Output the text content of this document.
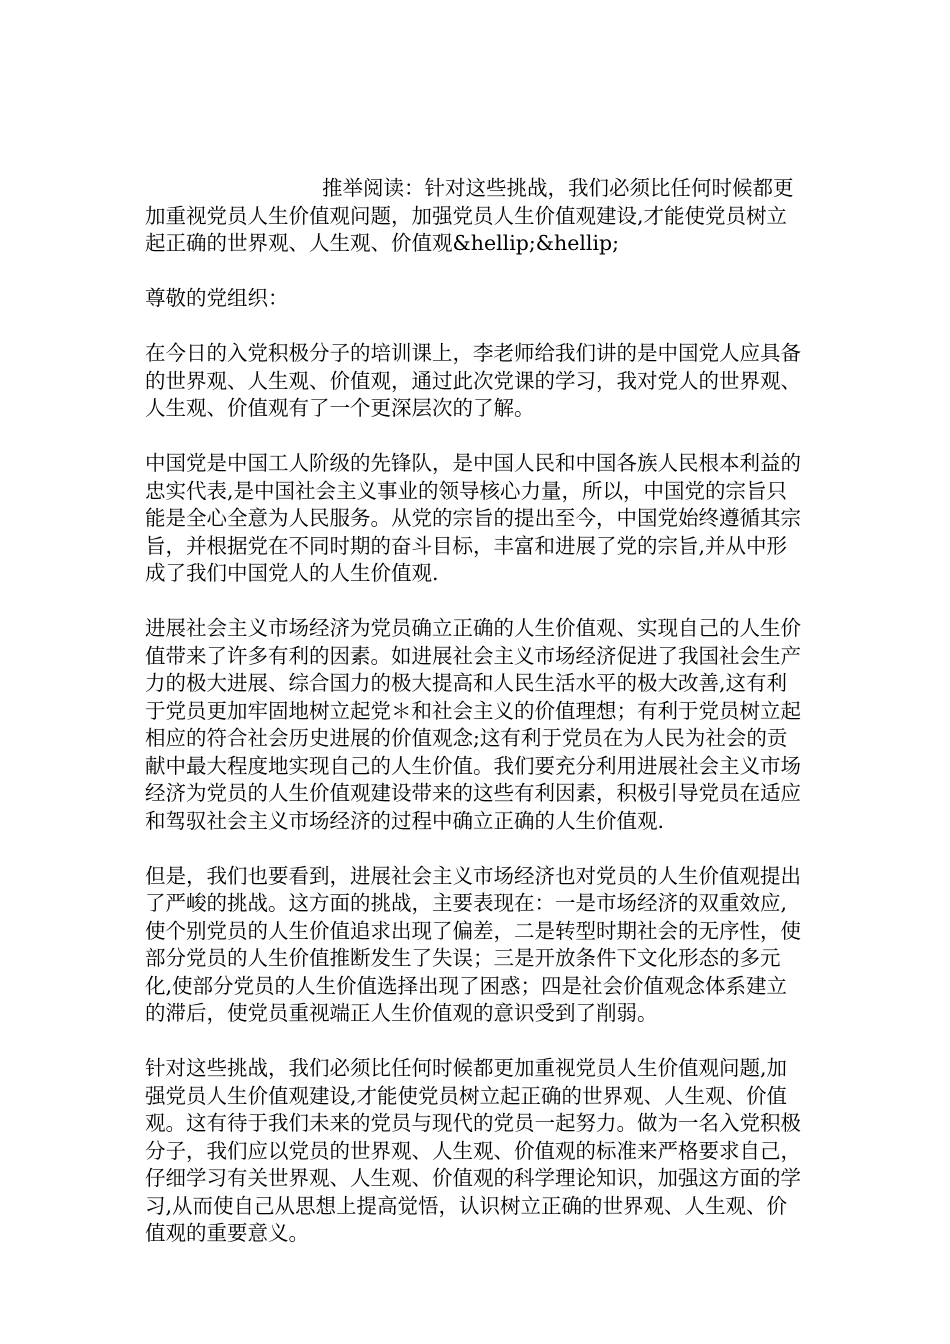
推举阅读：针对这些挑战，我们必须比任何时候都更加重视党员人生价值观问题，加强党员人生价值观建设,才能使党员树立起正确的世界观、人生观、价值观&hellip;&hellip;

尊敬的党组织：

在今日的入党积极分子的培训课上，李老师给我们讲的是中国党人应具备的世界观、人生观、价值观，通过此次党课的学习，我对党人的世界观、人生观、价值观有了一个更深层次的了解。

中国党是中国工人阶级的先锋队，是中国人民和中国各族人民根本利益的忠实代表,是中国社会主义事业的领导核心力量，所以，中国党的宗旨只能是全心全意为人民服务。从党的宗旨的提出至今，中国党始终遵循其宗旨，并根据党在不同时期的奋斗目标，丰富和进展了党的宗旨,并从中形成了我们中国党人的人生价值观.

进展社会主义市场经济为党员确立正确的人生价值观、实现自己的人生价值带来了许多有利的因素。如进展社会主义市场经济促进了我国社会生产力的极大进展、综合国力的极大提高和人民生活水平的极大改善,这有利于党员更加牢固地树立起党＊和社会主义的价值理想；有利于党员树立起相应的符合社会历史进展的价值观念;这有利于党员在为人民为社会的贡献中最大程度地实现自己的人生价值。我们要充分利用进展社会主义市场经济为党员的人生价值观建设带来的这些有利因素，积极引导党员在适应和驾驭社会主义市场经济的过程中确立正确的人生价值观.

但是，我们也要看到，进展社会主义市场经济也对党员的人生价值观提出了严峻的挑战。这方面的挑战，主要表现在：一是市场经济的双重效应,使个别党员的人生价值追求出现了偏差，二是转型时期社会的无序性，使部分党员的人生价值推断发生了失误；三是开放条件下文化形态的多元化,使部分党员的人生价值选择出现了困惑；四是社会价值观念体系建立的滞后，使党员重视端正人生价值观的意识受到了削弱。

针对这些挑战，我们必须比任何时候都更加重视党员人生价值观问题,加强党员人生价值观建设,才能使党员树立起正确的世界观、人生观、价值观。这有待于我们未来的党员与现代的党员一起努力。做为一名入党积极分子，我们应以党员的世界观、人生观、价值观的标准来严格要求自己，仔细学习有关世界观、人生观、价值观的科学理论知识，加强这方面的学习,从而使自己从思想上提高觉悟，认识树立正确的世界观、人生观、价值观的重要意义。
